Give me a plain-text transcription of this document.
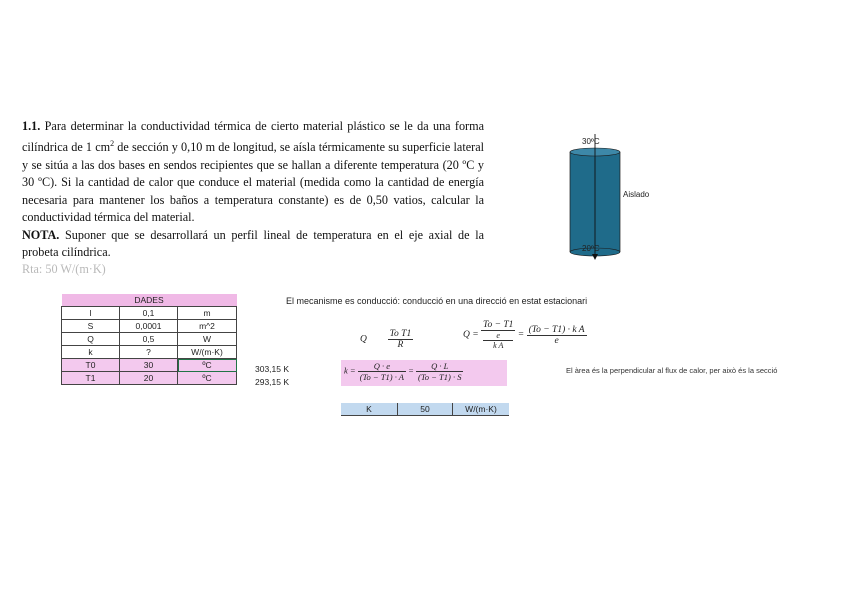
1.1. Para determinar la conductividad térmica de cierto material plástico se le da una forma cilíndrica de 1 $cm^2$ de sección y 0,10 m de longitud, se aísla térmicamente su superficie lateral y se sitúa a las dos bases en sendos recipientes que se hallan a diferente temperatura (20 ºC y 30 ºC). Si la cantidad de calor que conduce el material (medida como la cantidad de energía necesaria para mantener los baños a temperatura constante) es de 0,50 vatios, calcular la conductividad térmica del material.

NOTA. Suponer que se desarrollará un perfil lineal de temperatura en el eje axial de la probeta cilíndrica.

Rta: 50 W/(m·K)

30ºC
20ºC
Aislado
DADES		
l	0,1	m
S	0,0001	m^2
Q	0,5	W
k	?	W/(m·K)
T0	30	ºC
T1	20	ºC
303,15 K
293,15 K
El mecanisme es conducció: conducció en una direcció en estat estacionari
Q $\frac{\text{To T1}}{R}$	Q = To − T1
e
k $A = \frac{\text{(To − T1) · k A}}{e}$
$k = \frac{Q \cdot e}{(To - T1) \cdot A} = \frac{Q \cdot L}{(To - T1) \cdot S}$	El àrea és la perpendicular al flux de calor, per això és la secció
K	50	W/(m·K)
